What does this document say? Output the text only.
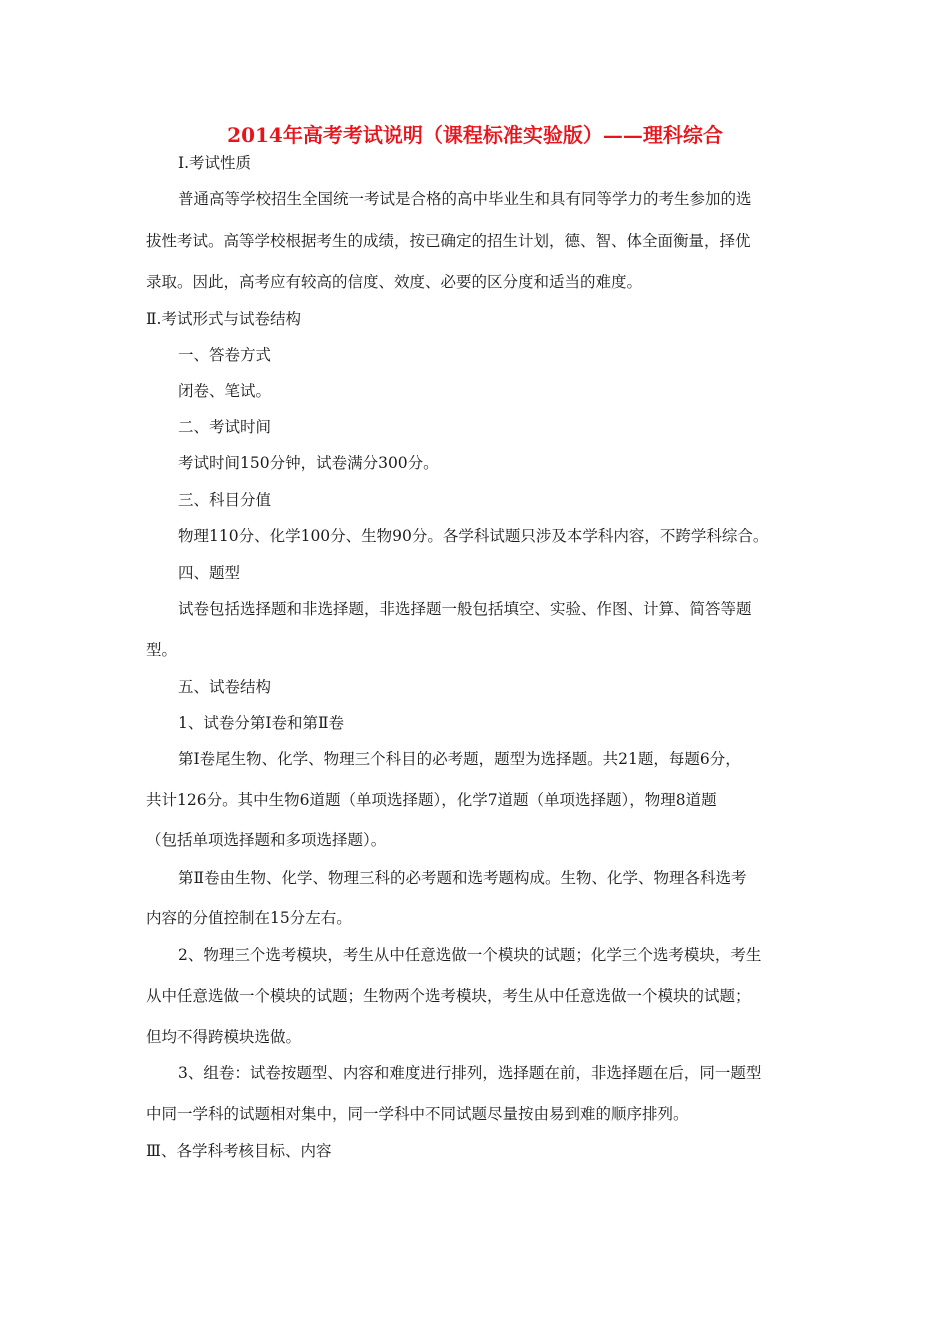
2014年高考考试说明（课程标准实验版）——理科综合
Ⅰ.考试性质
普通高等学校招生全国统一考试是合格的高中毕业生和具有同等学力的考生参加的选
拔性考试。高等学校根据考生的成绩，按已确定的招生计划，德、智、体全面衡量，择优
录取。因此，高考应有较高的信度、效度、必要的区分度和适当的难度。
Ⅱ.考试形式与试卷结构
一、答卷方式
闭卷、笔试。
二、考试时间
考试时间150分钟，试卷满分300分。
三、科目分值
物理110分、化学100分、生物90分。各学科试题只涉及本学科内容，不跨学科综合。
四、题型
试卷包括选择题和非选择题，非选择题一般包括填空、实验、作图、计算、简答等题
型。
五、试卷结构
1、试卷分第Ⅰ卷和第Ⅱ卷
第Ⅰ卷尾生物、化学、物理三个科目的必考题，题型为选择题。共21题，每题6分，
共计126分。其中生物6道题（单项选择题），化学7道题（单项选择题），物理8道题
（包括单项选择题和多项选择题）。
第Ⅱ卷由生物、化学、物理三科的必考题和选考题构成。生物、化学、物理各科选考
内容的分值控制在15分左右。
2、物理三个选考模块，考生从中任意选做一个模块的试题；化学三个选考模块，考生
从中任意选做一个模块的试题；生物两个选考模块，考生从中任意选做一个模块的试题；
但均不得跨模块选做。
3、组卷：试卷按题型、内容和难度进行排列，选择题在前，非选择题在后，同一题型
中同一学科的试题相对集中，同一学科中不同试题尽量按由易到难的顺序排列。
Ⅲ、各学科考核目标、内容
